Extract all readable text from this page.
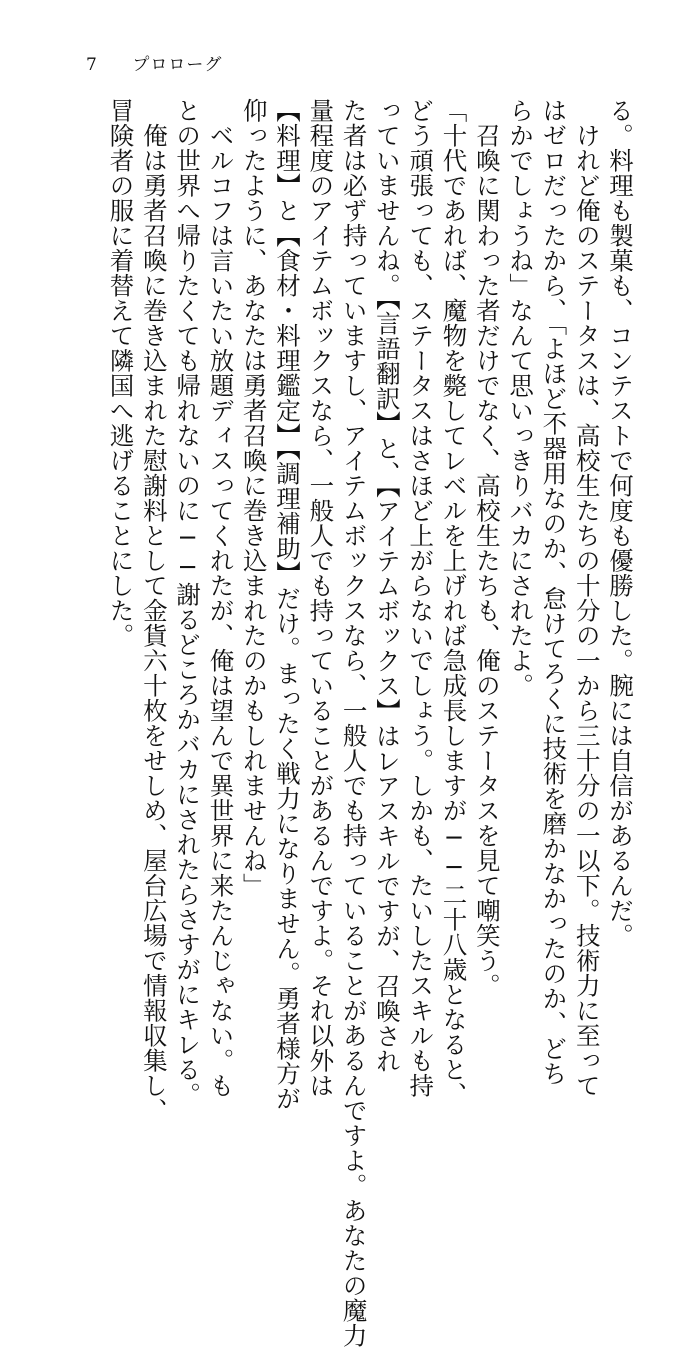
7 プロローグ
る。料理も製菓も、コンテストで何度も優勝した。腕には自信があるんだ。
　けれど俺のステータスは、高校生たちの十分の一から三十分の一以下。技術力に至って
はゼロだったから、「よほど不器用なのか、怠けてろくに技術を磨かなかったのか、どち
らかでしょうね」なんて思いっきりバカにされたよ。
　召喚に関わった者だけでなく、高校生たちも、俺のステータスを見て嘲笑う。
「十代であれば、魔物を斃してレベルを上げれば急成長しますが──二十八歳となると、
どう頑張っても、ステータスはさほど上がらないでしょう。しかも、たいしたスキルも持
っていませんね。【言語翻訳】と、【アイテムボックス】はレアスキルですが、召喚され
た者は必ず持っていますし、アイテムボックスなら、一般人でも持っていることがあるんですよ。あなたの魔力
量程度のアイテムボックスなら、一般人でも持っていることがあるんですよ。それ以外は
【料理】と【食材・料理鑑定】【調理補助】だけ。まったく戦力になりません。勇者様方が
仰ったように、あなたは勇者召喚に巻き込まれたのかもしれませんね」
　ベルコフは言いたい放題ディスってくれたが、俺は望んで異世界に来たんじゃない。も
との世界へ帰りたくても帰れないのに──謝るどころかバカにされたらさすがにキレる。
　俺は勇者召喚に巻き込まれた慰謝料として金貨六十枚をせしめ、屋台広場で情報収集し、
冒険者の服に着替えて隣国へ逃げることにした。
